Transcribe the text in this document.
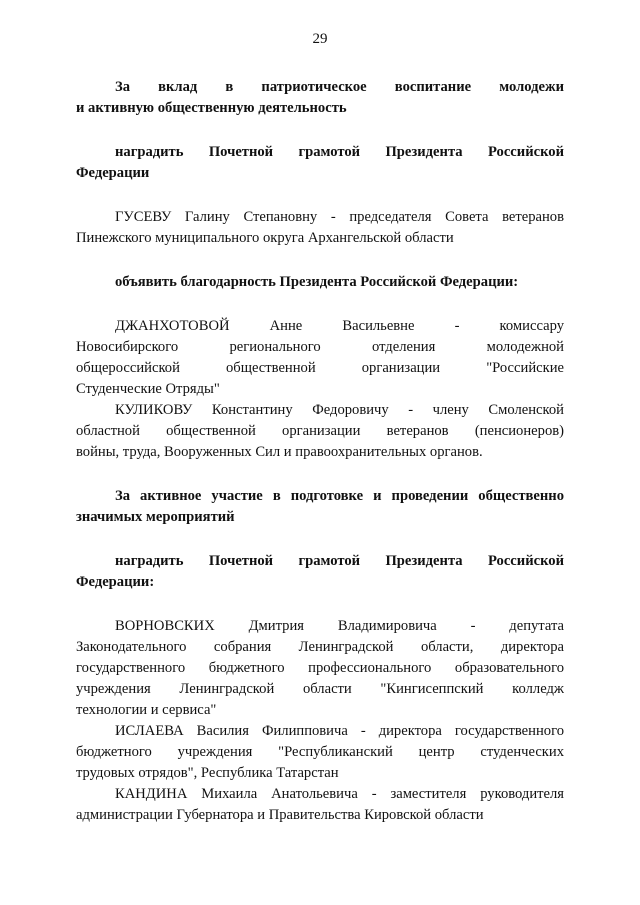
29
За вклад в патриотическое воспитание молодежи
и активную общественную деятельность
наградить Почетной грамотой Президента Российской
Федерации
ГУСЕВУ Галину Степановну - председателя Совета ветеранов
Пинежского муниципального округа Архангельской области
объявить благодарность Президента Российской Федерации:
ДЖАНХОТОВОЙ Анне Васильевне - комиссару
Новосибирского регионального отделения молодежной
общероссийской общественной организации "Российские
Студенческие Отряды"
КУЛИКОВУ Константину Федоровичу - члену Смоленской
областной общественной организации ветеранов (пенсионеров)
войны, труда, Вооруженных Сил и правоохранительных органов.
За активное участие в подготовке и проведении общественно
значимых мероприятий
наградить Почетной грамотой Президента Российской
Федерации:
ВОРНОВСКИХ Дмитрия Владимировича - депутата
Законодательного собрания Ленинградской области, директора
государственного бюджетного профессионального образовательного
учреждения Ленинградской области "Кингисеппский колледж
технологии и сервиса"
ИСЛАЕВА Василия Филипповича - директора государственного
бюджетного учреждения "Республиканский центр студенческих
трудовых отрядов", Республика Татарстан
КАНДИНА Михаила Анатольевича - заместителя руководителя
администрации Губернатора и Правительства Кировской области
